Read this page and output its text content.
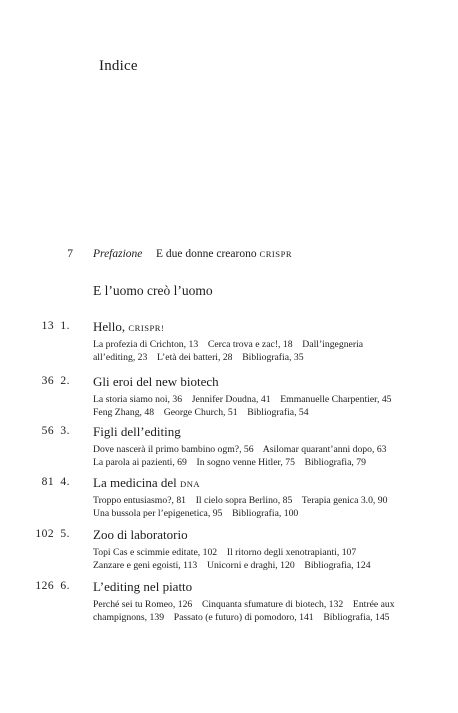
Indice
7 Prefazione E due donne crearono CRISPR
E l’uomo creò l’uomo
13  1. Hello, CRISPR!
La profezia di Crichton, 13    Cerca trova e zac!, 18    Dall’ingegneria
all’editing, 23    L’età dei batteri, 28    Bibliografia, 35
36  2. Gli eroi del new biotech
La storia siamo noi, 36    Jennifer Doudna, 41    Emmanuelle Charpentier, 45
Feng Zhang, 48    George Church, 51    Bibliografia, 54
56  3. Figli dell’editing
Dove nascerà il primo bambino ogm?, 56    Asilomar quarant’anni dopo, 63
La parola ai pazienti, 69    In sogno venne Hitler, 75    Bibliografia, 79
81  4. La medicina del DNA
Troppo entusiasmo?, 81    Il cielo sopra Berlino, 85    Terapia genica 3.0, 90
Una bussola per l’epigenetica, 95    Bibliografia, 100
102  5. Zoo di laboratorio
Topi Cas e scimmie editate, 102    Il ritorno degli xenotrapianti, 107
Zanzare e geni egoisti, 113    Unicorni e draghi, 120    Bibliografia, 124
126  6. L’editing nel piatto
Perché sei tu Romeo, 126    Cinquanta sfumature di biotech, 132    Entrée aux
champignons, 139    Passato (e futuro) di pomodoro, 141    Bibliografia, 145
